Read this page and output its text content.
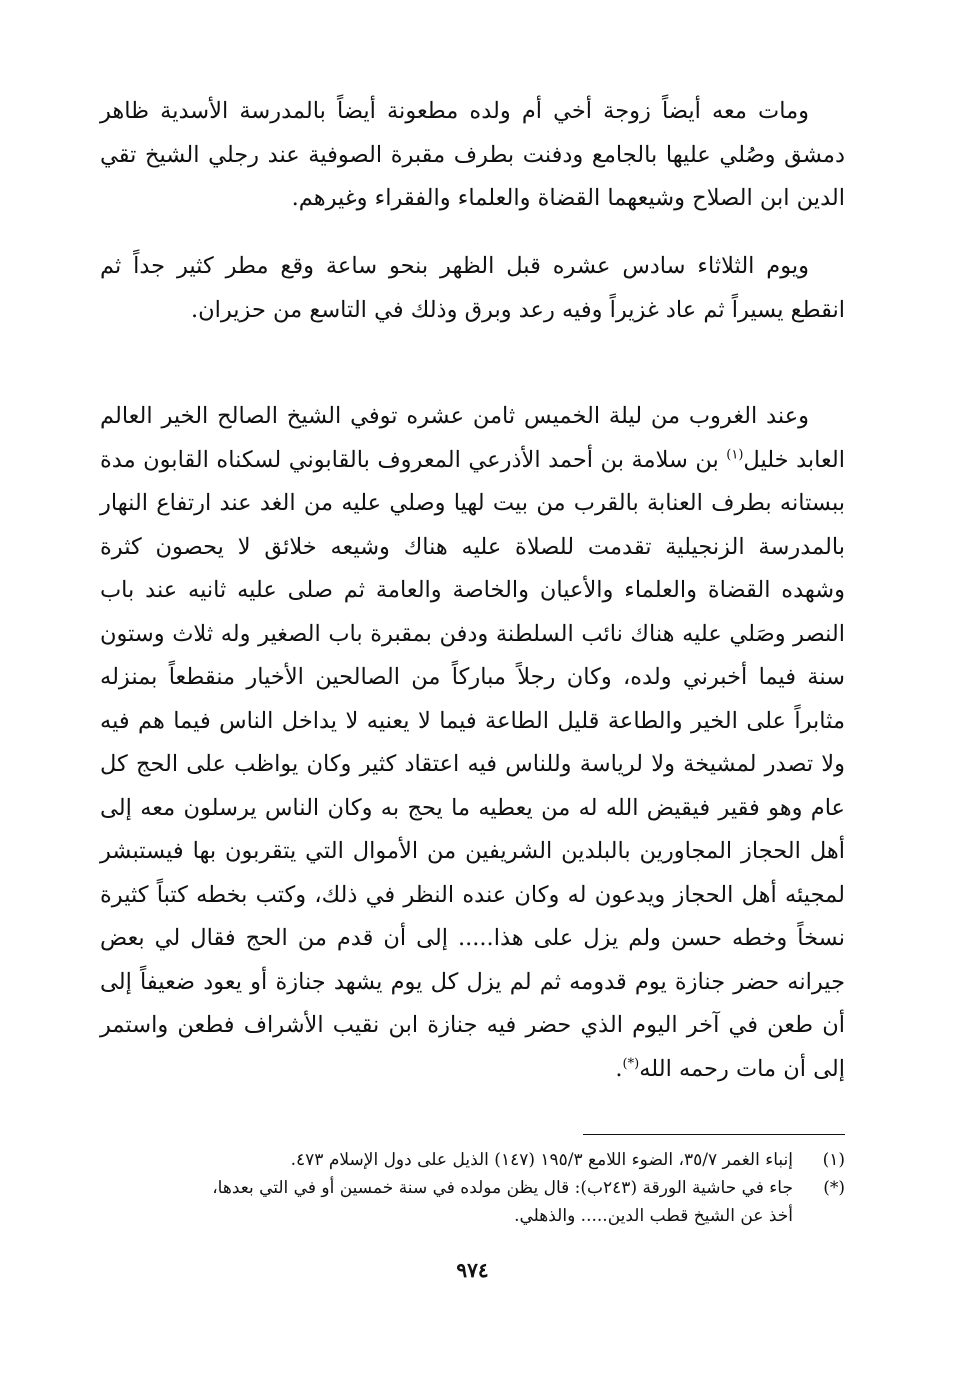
ومات معه أيضاً زوجة أخي أم ولده مطعونة أيضاً بالمدرسة الأسدية ظاهر دمشق وصُلي عليها بالجامع ودفنت بطرف مقبرة الصوفية عند رجلي الشيخ تقي الدين ابن الصلاح وشيعهما القضاة والعلماء والفقراء وغيرهم.

ويوم الثلاثاء سادس عشره قبل الظهر بنحو ساعة وقع مطر كثير جداً ثم انقطع يسيراً ثم عاد غزيراً وفيه رعد وبرق وذلك في التاسع من حزيران.

وعند الغروب من ليلة الخميس ثامن عشره توفي الشيخ الصالح الخير العالم العابد خليل$^{(١)}$ بن سلامة بن أحمد الأذرعي المعروف بالقابوني لسكناه القابون مدة ببستانه بطرف العنابة بالقرب من بيت لهيا وصلي عليه من الغد عند ارتفاع النهار بالمدرسة الزنجيلية تقدمت للصلاة عليه هناك وشيعه خلائق لا يحصون كثرة وشهده القضاة والعلماء والأعيان والخاصة والعامة ثم صلى عليه ثانيه عند باب النصر وصَلي عليه هناك نائب السلطنة ودفن بمقبرة باب الصغير وله ثلاث وستون سنة فيما أخبرني ولده، وكان رجلاً مباركاً من الصالحين الأخيار منقطعاً بمنزله مثابراً على الخير والطاعة قليل الطاعة فيما لا يعنيه لا يداخل الناس فيما هم فيه ولا تصدر لمشيخة ولا لرياسة وللناس فيه اعتقاد كثير وكان يواظب على الحج كل عام وهو فقير فيقيض الله له من يعطيه ما يحج به وكان الناس يرسلون معه إلى أهل الحجاز المجاورين بالبلدين الشريفين من الأموال التي يتقربون بها فيستبشر لمجيئه أهل الحجاز ويدعون له وكان عنده النظر في ذلك، وكتب بخطه كتباً كثيرة نسخاً وخطه حسن ولم يزل على هذا..... إلى أن قدم من الحج فقال لي بعض جيرانه حضر جنازة يوم قدومه ثم لم يزل كل يوم يشهد جنازة أو يعود ضعيفاً إلى أن طعن في آخر اليوم الذي حضر فيه جنازة ابن نقيب الأشراف فطعن واستمر إلى أن مات رحمه الله(*).

(١)إنباء الغمر ٣٥/٧، الضوء اللامع ١٩٥/٣ (١٤٧) الذيل على دول الإسلام ٤٧٣.

(*)جاء في حاشية الورقة (٢٤٣ب): قال يظن مولده في سنة خمسين أو في التي بعدها،

أخذ عن الشيخ قطب الدين..... والذهلي.

٩٧٤
